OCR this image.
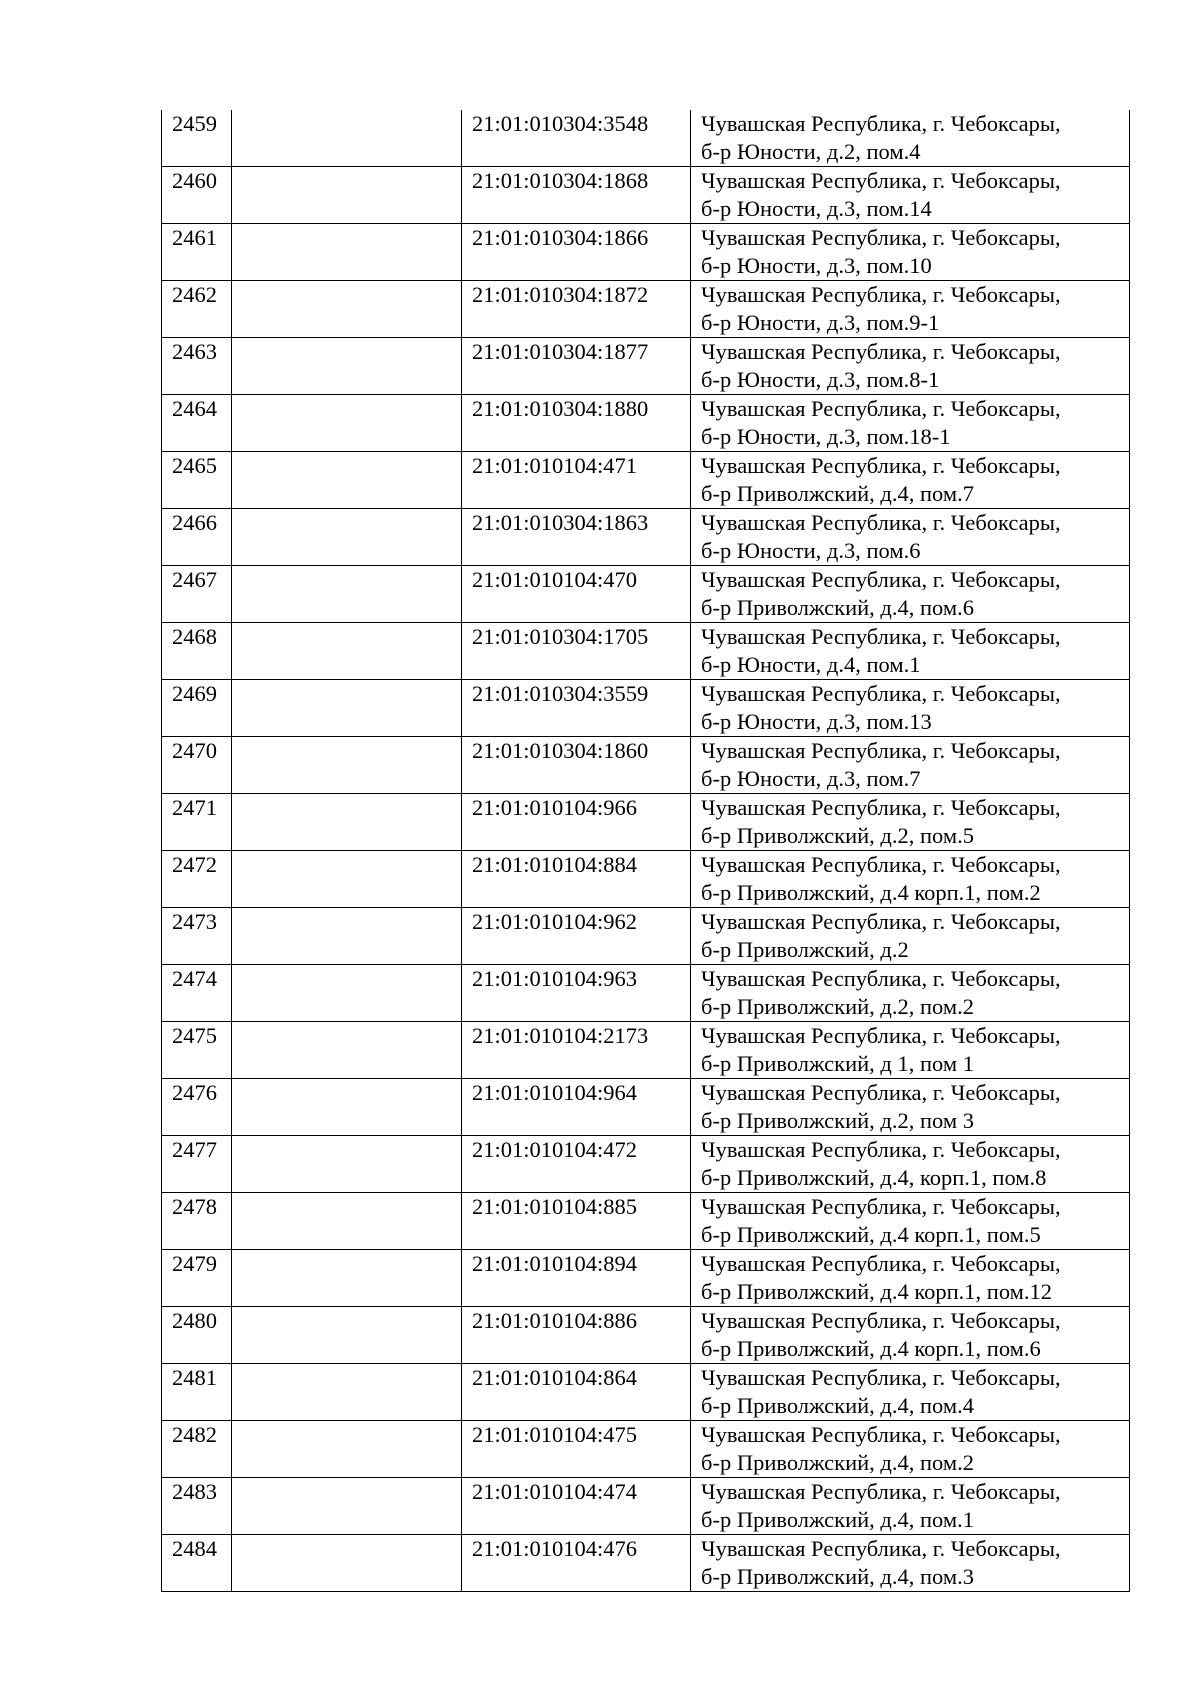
2459		21:01:010304:3548	Чувашская Республика, г. Чебоксары,
б-р Юности, д.2, пом.4

2460		21:01:010304:1868	Чувашская Республика, г. Чебоксары,
б-р Юности, д.3, пом.14

2461		21:01:010304:1866	Чувашская Республика, г. Чебоксары,
б-р Юности, д.3, пом.10

2462		21:01:010304:1872	Чувашская Республика, г. Чебоксары,
б-р Юности, д.3, пом.9-1

2463		21:01:010304:1877	Чувашская Республика, г. Чебоксары,
б-р Юности, д.3, пом.8-1

2464		21:01:010304:1880	Чувашская Республика, г. Чебоксары,
б-р Юности, д.3, пом.18-1

2465		21:01:010104:471	Чувашская Республика, г. Чебоксары,
б-р Приволжский, д.4, пом.7

2466		21:01:010304:1863	Чувашская Республика, г. Чебоксары,
б-р Юности, д.3, пом.6

2467		21:01:010104:470	Чувашская Республика, г. Чебоксары,
б-р Приволжский, д.4, пом.6

2468		21:01:010304:1705	Чувашская Республика, г. Чебоксары,
б-р Юности, д.4, пом.1

2469		21:01:010304:3559	Чувашская Республика, г. Чебоксары,
б-р Юности, д.3, пом.13

2470		21:01:010304:1860	Чувашская Республика, г. Чебоксары,
б-р Юности, д.3, пом.7

2471		21:01:010104:966	Чувашская Республика, г. Чебоксары,
б-р Приволжский, д.2, пом.5

2472		21:01:010104:884	Чувашская Республика, г. Чебоксары,
б-р Приволжский, д.4 корп.1, пом.2

2473		21:01:010104:962	Чувашская Республика, г. Чебоксары,
б-р Приволжский, д.2

2474		21:01:010104:963	Чувашская Республика, г. Чебоксары,
б-р Приволжский, д.2, пом.2

2475		21:01:010104:2173	Чувашская Республика, г. Чебоксары,
б-р Приволжский, д 1, пом 1

2476		21:01:010104:964	Чувашская Республика, г. Чебоксары,
б-р Приволжский, д.2, пом 3

2477		21:01:010104:472	Чувашская Республика, г. Чебоксары,
б-р Приволжский, д.4, корп.1, пом.8

2478		21:01:010104:885	Чувашская Республика, г. Чебоксары,
б-р Приволжский, д.4 корп.1, пом.5

2479		21:01:010104:894	Чувашская Республика, г. Чебоксары,
б-р Приволжский, д.4 корп.1, пом.12

2480		21:01:010104:886	Чувашская Республика, г. Чебоксары,
б-р Приволжский, д.4 корп.1, пом.6

2481		21:01:010104:864	Чувашская Республика, г. Чебоксары,
б-р Приволжский, д.4, пом.4

2482		21:01:010104:475	Чувашская Республика, г. Чебоксары,
б-р Приволжский, д.4, пом.2

2483		21:01:010104:474	Чувашская Республика, г. Чебоксары,
б-р Приволжский, д.4, пом.1

2484		21:01:010104:476	Чувашская Республика, г. Чебоксары,
б-р Приволжский, д.4, пом.3
